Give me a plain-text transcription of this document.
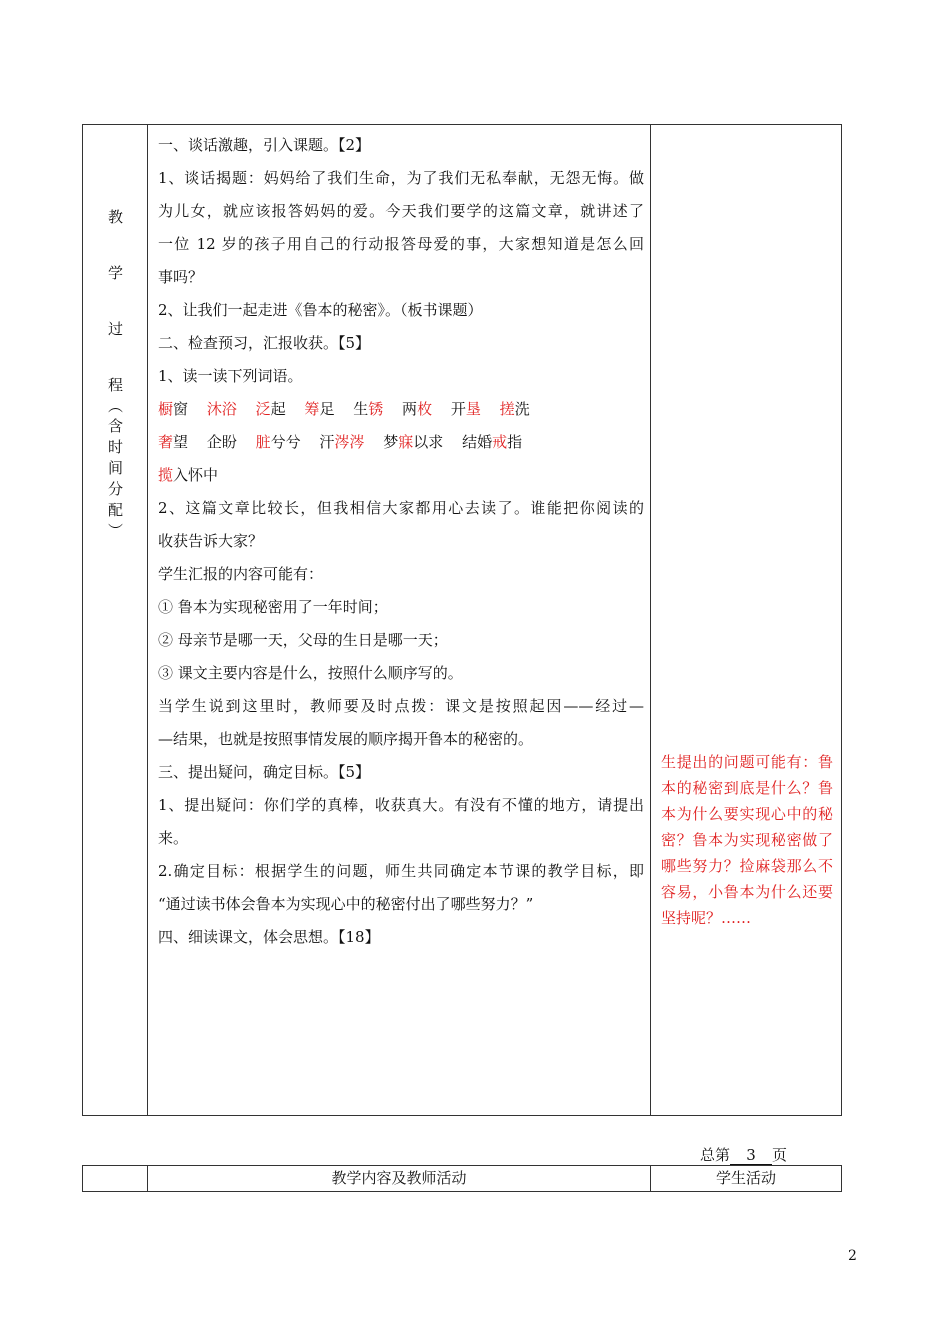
教
学
过
程
︵
含
时
间
分
配
︶

一、谈话激趣，引入课题。【2】

1、谈话揭题：妈妈给了我们生命，为了我们无私奉献，无怨无悔。做

为儿女，就应该报答妈妈的爱。今天我们要学的这篇文章，就讲述了

一位 12 岁的孩子用自己的行动报答母爱的事，大家想知道是怎么回

事吗？

2、让我们一起走进《鲁本的秘密》。（板书课题）

二、检查预习，汇报收获。【5】

1、读一读下列词语。

橱窗 沐浴 泛起 筹足 生锈 两枚 开垦 搓洗

奢望 企盼 脏兮兮 汗涔涔 梦寐以求 结婚戒指

揽入怀中

2、这篇文章比较长，但我相信大家都用心去读了。谁能把你阅读的

收获告诉大家？

学生汇报的内容可能有：

① 鲁本为实现秘密用了一年时间；

② 母亲节是哪一天，父母的生日是哪一天；

③ 课文主要内容是什么，按照什么顺序写的。

当学生说到这里时，教师要及时点拨：课文是按照起因——经过—

—结果，也就是按照事情发展的顺序揭开鲁本的秘密的。

三、提出疑问，确定目标。【5】

1、提出疑问：你们学的真棒，收获真大。有没有不懂的地方，请提出

来。

2.确定目标：根据学生的问题，师生共同确定本节课的教学目标，即

“通过读书体会鲁本为实现心中的秘密付出了哪些努力？”

四、细读课文，体会思想。【18】

生提出的问题可能有：鲁本的秘密到底是什么？鲁本为什么要实现心中的秘密？鲁本为实现秘密做了哪些努力？捡麻袋那么不容易，小鲁本为什么还要坚持呢？……
总第 3 页
教学内容及教师活动	学生活动
2
